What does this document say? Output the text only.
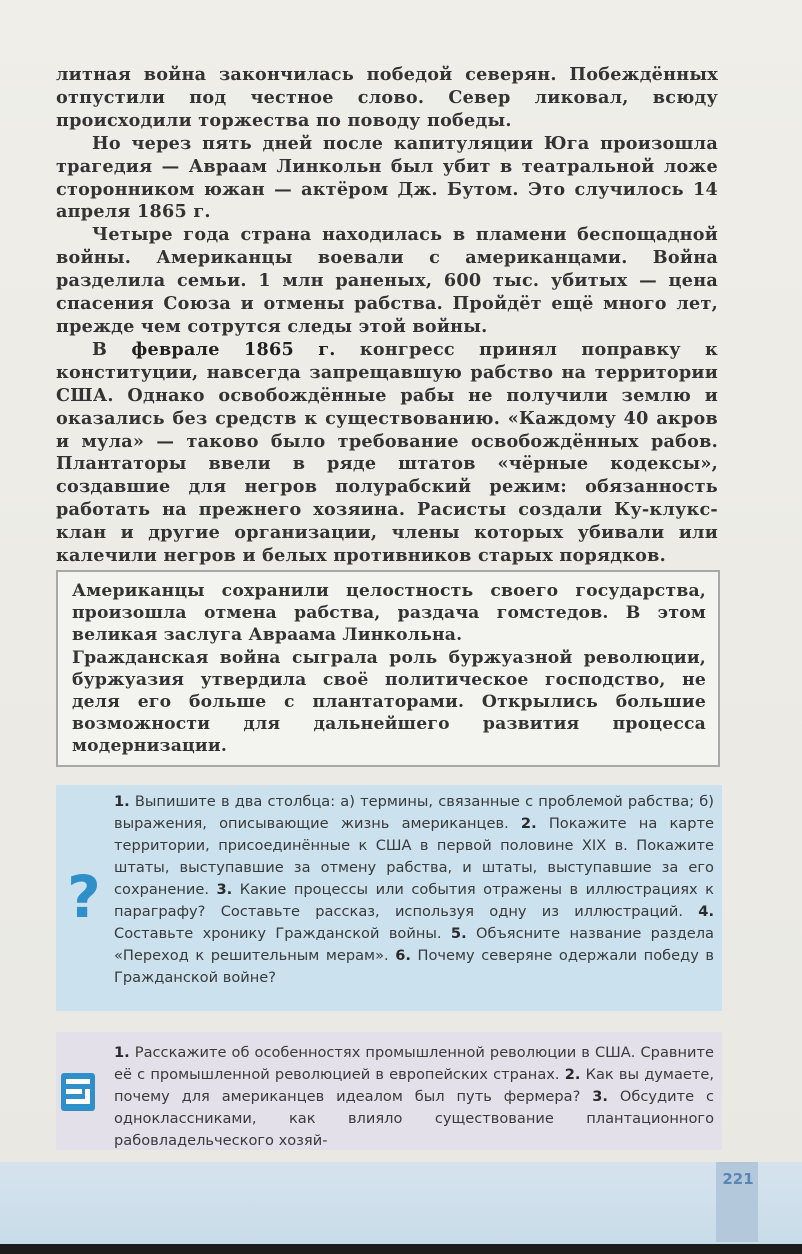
литная война закончилась победой северян. Побеждённых отпустили под честное слово. Север ликовал, всюду происходили торжества по поводу победы.

Но через пять дней после капитуляции Юга произошла трагедия — Авраам Линкольн был убит в театральной ложе сторонником южан — актёром Дж. Бутом. Это случилось 14 апреля 1865 г.

Четыре года страна находилась в пламени беспощадной войны. Американцы воевали с американцами. Война разделила семьи. 1 млн раненых, 600 тыс. убитых — цена спасения Союза и отмены рабства. Пройдёт ещё много лет, прежде чем сотрутся следы этой войны.

В феврале 1865 г. конгресс принял поправку к конституции, навсегда запрещавшую рабство на территории США. Однако освобождённые рабы не получили землю и оказались без средств к существованию. «Каждому 40 акров и мула» — таково было требование освобождённых рабов. Плантаторы ввели в ряде штатов «чёрные кодексы», создавшие для негров полурабский режим: обязанность работать на прежнего хозяина. Расисты создали Ку-клукс-клан и другие организации, члены которых убивали или калечили негров и белых противников старых порядков.

Американцы сохранили целостность своего государства, произошла отмена рабства, раздача гомстедов. В этом великая заслуга Авраама Линкольна.

Гражданская война сыграла роль буржуазной революции, буржуазия утвердила своё политическое господство, не деля его больше с плантаторами. Открылись большие возможности для дальнейшего развития процесса модернизации.

?

1. Выпишите в два столбца: а) термины, связанные с проблемой рабства; б) выражения, описывающие жизнь американцев. 2. Покажите на карте территории, присоединённые к США в первой половине XIX в. Покажите штаты, выступавшие за отмену рабства, и штаты, выступавшие за его сохранение. 3. Какие процессы или события отражены в иллюстрациях к параграфу? Составьте рассказ, используя одну из иллюстраций. 4. Составьте хронику Гражданской войны. 5. Объясните название раздела «Переход к решительным мерам». 6. Почему северяне одержали победу в Гражданской войне?

1. Расскажите об особенностях промышленной революции в США. Сравните её с промышленной революцией в европейских странах. 2. Как вы думаете, почему для американцев идеалом был путь фермера? 3. Обсудите с одноклассниками, как влияло существование плантационного рабовладельческого хозяй-

221
